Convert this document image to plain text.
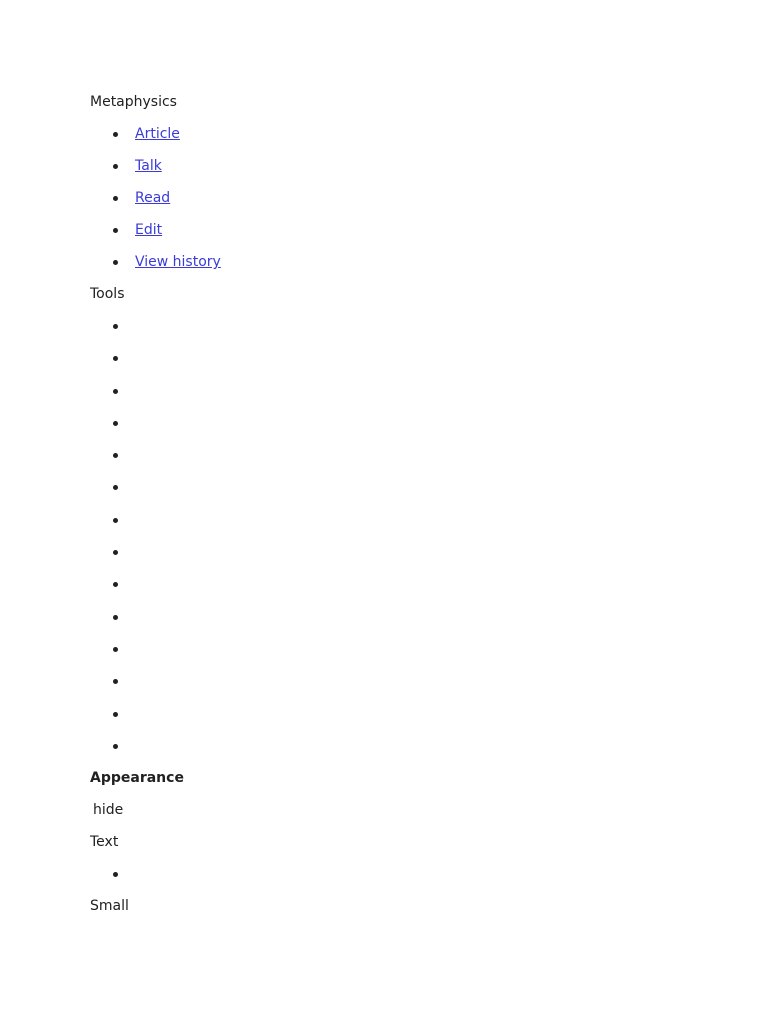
Metaphysics
Article
Talk
Read
Edit
View history
Tools
Appearance
hide
Text
Small
